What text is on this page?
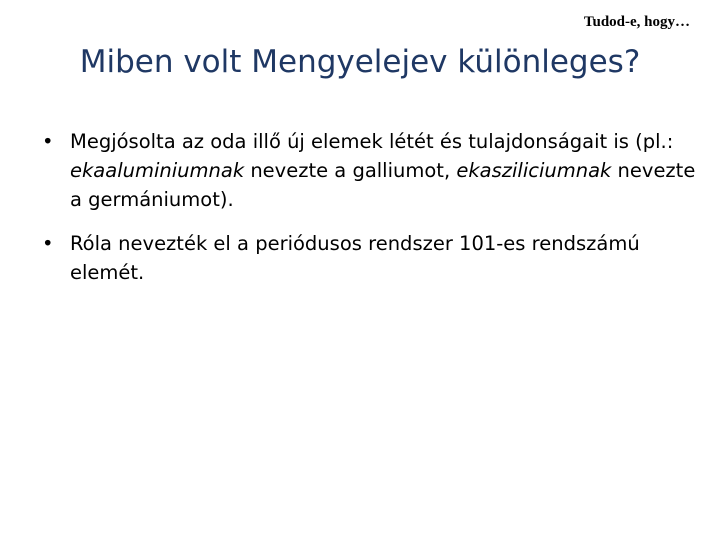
Tudod-e, hogy…
Miben volt Mengyelejev különleges?
• Megjósolta az oda illő új elemek létét és tulajdonságait is (pl.: ekaaluminiumnak nevezte a galliumot, ekasziliciumnak nevezte a germániumot).
• Róla nevezték el a periódusos rendszer 101-es rendszámú elemét.
